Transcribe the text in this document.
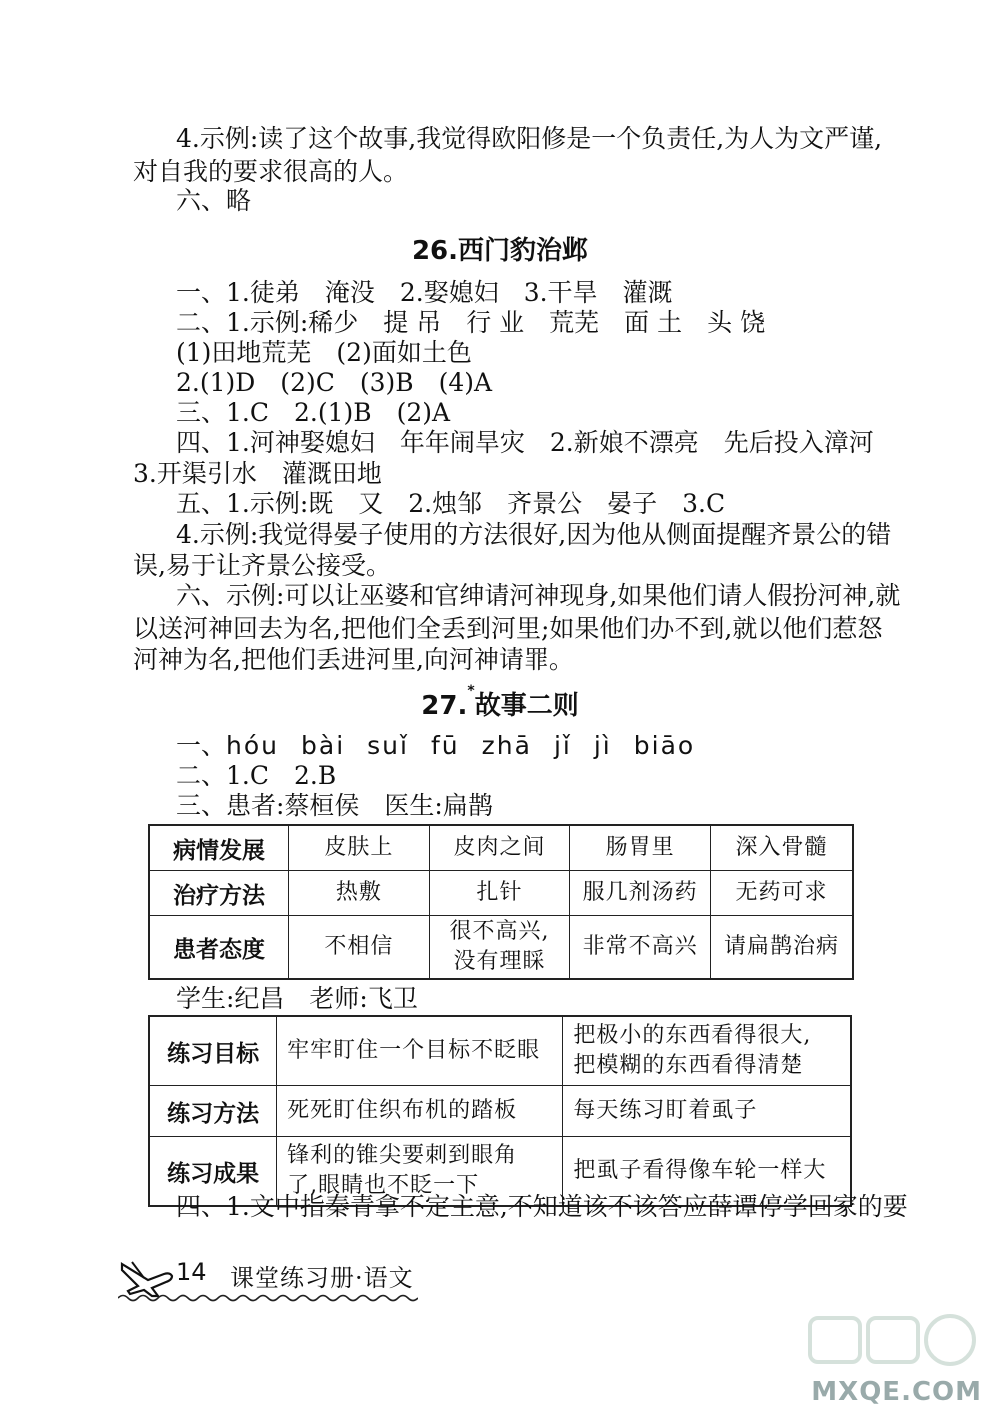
4.示例:读了这个故事,我觉得欧阳修是一个负责任,为人为文严谨,
对自我的要求很高的人。
六、略
26.西门豹治邺
一、1.徒弟　淹没　2.娶媳妇　3.干旱　灌溉
二、1.示例:稀少　提 吊　行 业　荒芜　面 土　头 饶
(1)田地荒芜　(2)面如土色
2.(1)D　(2)C　(3)B　(4)A
三、1.C　2.(1)B　(2)A
四、1.河神娶媳妇　年年闹旱灾　2.新娘不漂亮　先后投入漳河
3.开渠引水　灌溉田地
五、1.示例:既　又　2.烛邹　齐景公　晏子　3.C
4.示例:我觉得晏子使用的方法很好,因为他从侧面提醒齐景公的错
误,易于让齐景公接受。
六、示例:可以让巫婆和官绅请河神现身,如果他们请人假扮河神,就
以送河神回去为名,把他们全丢到河里;如果他们办不到,就以他们惹怒
河神为名,把他们丢进河里,向河神请罪。
27.*故事二则
一、hóu bài suǐ fū zhā jǐ jì biāo
二、1.C　2.B
三、患者:蔡桓侯　医生:扁鹊
病情发展	皮肤上	皮肉之间	肠胃里	深入骨髓
治疗方法	热敷	扎针	服几剂汤药	无药可求
患者态度	不相信	很不高兴,
没有理睬	非常不高兴	请扁鹊治病
学生:纪昌　老师:飞卫
练习目标	牢牢盯住一个目标不眨眼	把极小的东西看得很大,
把模糊的东西看得清楚
练习方法	死死盯住织布机的踏板	每天练习盯着虱子
练习成果	锋利的锥尖要刺到眼角
了,眼睛也不眨一下	把虱子看得像车轮一样大
四、1.文中指秦青拿不定主意,不知道该不该答应薛谭停学回家的要
14 课堂练习册·语文
MXQE.COM
